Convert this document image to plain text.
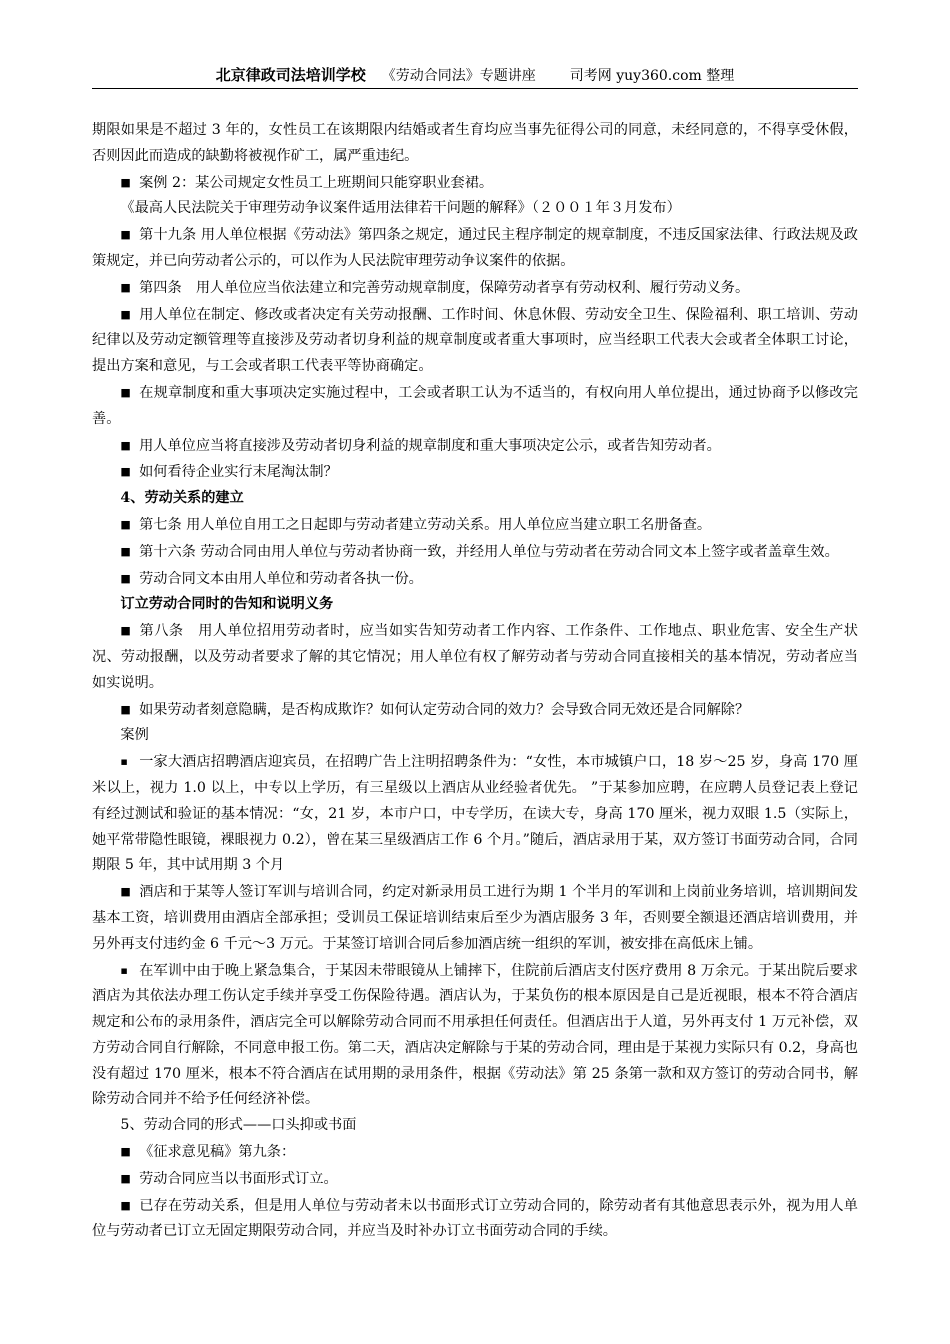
北京律政司法培训学校 《劳动合同法》专题讲座 司考网 yuy360.com 整理

期限如果是不超过 3 年的，女性员工在该期限内结婚或者生育均应当事先征得公司的同意，未经同意的，不得享受休假，否则因此而造成的缺勤将被视作矿工，属严重违纪。

■ 案例 2：某公司规定女性员工上班期间只能穿职业套裙。

《最高人民法院关于审理劳动争议案件适用法律若干问题的解释》（２００１年３月发布）

■ 第十九条 用人单位根据《劳动法》第四条之规定，通过民主程序制定的规章制度，不违反国家法律、行政法规及政策规定，并已向劳动者公示的，可以作为人民法院审理劳动争议案件的依据。

■ 第四条　用人单位应当依法建立和完善劳动规章制度，保障劳动者享有劳动权利、履行劳动义务。

■ 用人单位在制定、修改或者决定有关劳动报酬、工作时间、休息休假、劳动安全卫生、保险福利、职工培训、劳动纪律以及劳动定额管理等直接涉及劳动者切身利益的规章制度或者重大事项时，应当经职工代表大会或者全体职工讨论，提出方案和意见，与工会或者职工代表平等协商确定。

■ 在规章制度和重大事项决定实施过程中，工会或者职工认为不适当的，有权向用人单位提出，通过协商予以修改完善。

■ 用人单位应当将直接涉及劳动者切身利益的规章制度和重大事项决定公示，或者告知劳动者。

■ 如何看待企业实行末尾淘汰制？

4、劳动关系的建立

■ 第七条 用人单位自用工之日起即与劳动者建立劳动关系。用人单位应当建立职工名册备查。

■ 第十六条 劳动合同由用人单位与劳动者协商一致，并经用人单位与劳动者在劳动合同文本上签字或者盖章生效。

■ 劳动合同文本由用人单位和劳动者各执一份。

订立劳动合同时的告知和说明义务

■ 第八条　用人单位招用劳动者时，应当如实告知劳动者工作内容、工作条件、工作地点、职业危害、安全生产状况、劳动报酬，以及劳动者要求了解的其它情况；用人单位有权了解劳动者与劳动合同直接相关的基本情况，劳动者应当如实说明。

■ 如果劳动者刻意隐瞒，是否构成欺诈？如何认定劳动合同的效力？会导致合同无效还是合同解除？

案例

▪ 一家大酒店招聘酒店迎宾员，在招聘广告上注明招聘条件为：“女性，本市城镇户口，18 岁～25 岁，身高 170 厘米以上，视力 1.0 以上，中专以上学历，有三星级以上酒店从业经验者优先。 ”于某参加应聘，在应聘人员登记表上登记有经过测试和验证的基本情况：“女，21 岁，本市户口，中专学历，在读大专，身高 170 厘米，视力双眼 1.5（实际上，她平常带隐性眼镜，裸眼视力 0.2），曾在某三星级酒店工作 6 个月。”随后，酒店录用于某，双方签订书面劳动合同，合同期限 5 年，其中试用期 3 个月

■ 酒店和于某等人签订军训与培训合同，约定对新录用员工进行为期 1 个半月的军训和上岗前业务培训，培训期间发基本工资，培训费用由酒店全部承担；受训员工保证培训结束后至少为酒店服务 3 年，否则要全额退还酒店培训费用，并另外再支付违约金 6 千元～3 万元。于某签订培训合同后参加酒店统一组织的军训，被安排在高低床上铺。

▪ 在军训中由于晚上紧急集合，于某因未带眼镜从上铺摔下，住院前后酒店支付医疗费用 8 万余元。于某出院后要求酒店为其依法办理工伤认定手续并享受工伤保险待遇。酒店认为，于某负伤的根本原因是自己是近视眼，根本不符合酒店规定和公布的录用条件，酒店完全可以解除劳动合同而不用承担任何责任。但酒店出于人道，另外再支付 1 万元补偿，双方劳动合同自行解除，不同意申报工伤。第二天，酒店决定解除与于某的劳动合同，理由是于某视力实际只有 0.2，身高也没有超过 170 厘米，根本不符合酒店在试用期的录用条件，根据《劳动法》第 25 条第一款和双方签订的劳动合同书，解除劳动合同并不给予任何经济补偿。

5、劳动合同的形式——口头抑或书面

■ 《征求意见稿》第九条：

■ 劳动合同应当以书面形式订立。

■ 已存在劳动关系，但是用人单位与劳动者未以书面形式订立劳动合同的，除劳动者有其他意思表示外，视为用人单位与劳动者已订立无固定期限劳动合同，并应当及时补办订立书面劳动合同的手续。
